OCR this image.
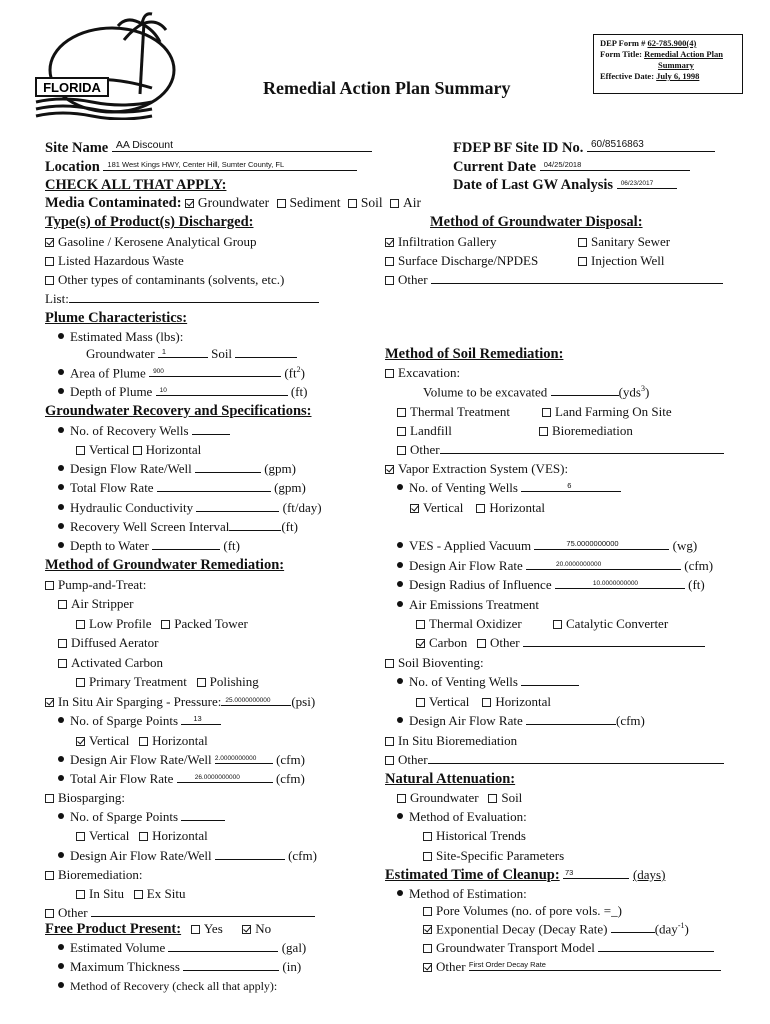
FLORIDA
DEP Form # 62-785.900(4)
Form Title: Remedial Action Plan
Summary
Effective Date: July 6, 1998
Remedial Action Plan Summary
Site Name AA Discount
Location 181 West Kings HWY, Center Hill, Sumter County, FL
CHECK ALL THAT APPLY:
FDEP BF Site ID No. 60/8516863
Current Date 04/25/2018
Date of Last GW Analysis 06/23/2017
Media Contaminated: Groundwater Sediment Soil Air
Type(s) of Product(s) Discharged:
Gasoline / Kerosene Analytical Group
Listed Hazardous Waste
Other types of contaminants (solvents, etc.)
List:
Method of Groundwater Disposal:
Infiltration Gallery	Sanitary Sewer
Surface Discharge/NPDES	Injection Well
Other
Plume Characteristics:
Estimated Mass (lbs):
Groundwater 1	Soil
Area of Plume 900	$(ft^2)$
Depth of Plume 10	(ft)
Groundwater Recovery and Specifications:
No. of Recovery Wells
Vertical Horizontal
Design Flow Rate/Well	(gpm)
Total Flow Rate	(gpm)
Hydraulic Conductivity	(ft/day)
Recovery Well Screen Interval	(ft)
Depth to Water	(ft)
Method of Groundwater Remediation:
Pump-and-Treat:
Air Stripper
Low Profile Packed Tower
Diffused Aerator
Activated Carbon
Primary Treatment Polishing
In Situ Air Sparging - Pressure: 25.0000000000 (psi)
No. of Sparge Points 13
Vertical Horizontal
Design Air Flow Rate/Well 2.0000000000 (cfm)
Total Air Flow Rate	26.0000000000	(cfm)
Biosparging:
No. of Sparge Points
Vertical Horizontal
Design Air Flow Rate/Well	(cfm)
Bioremediation:
In Situ Ex Situ
Other
Free Product Present: Yes	No
Estimated Volume	(gal)
Maximum Thickness	(in)
Method of Recovery (check all that apply):
Method of Soil Remediation:
Excavation:
Volume to be excavated	(yds$^3$)
Thermal Treatment	Land Farming On Site
Landfill	Bioremediation
Other
Vapor Extraction System (VES):
No. of Venting Wells	6
Vertical Horizontal
VES - Applied Vacuum	75.0000000000	(wg)
Design Air Flow Rate	20.0000000000	(cfm)
Design Radius of Influence	10.0000000000	(ft)
Air Emissions Treatment
Thermal Oxidizer	Catalytic Converter
Carbon Other
Soil Bioventing:
No. of Venting Wells
Vertical Horizontal
Design Air Flow Rate	(cfm)
In Situ Bioremediation
Other
Natural Attenuation:
Groundwater Soil
Method of Evaluation:
Historical Trends
Site-Specific Parameters
Estimated Time of Cleanup: 73	(days)
Method of Estimation:
Pore Volumes (no. of pore vols. =_)
Exponential Decay (Decay Rate)	(day$^{-1}$)
Groundwater Transport Model
Other First Order Decay Rate
